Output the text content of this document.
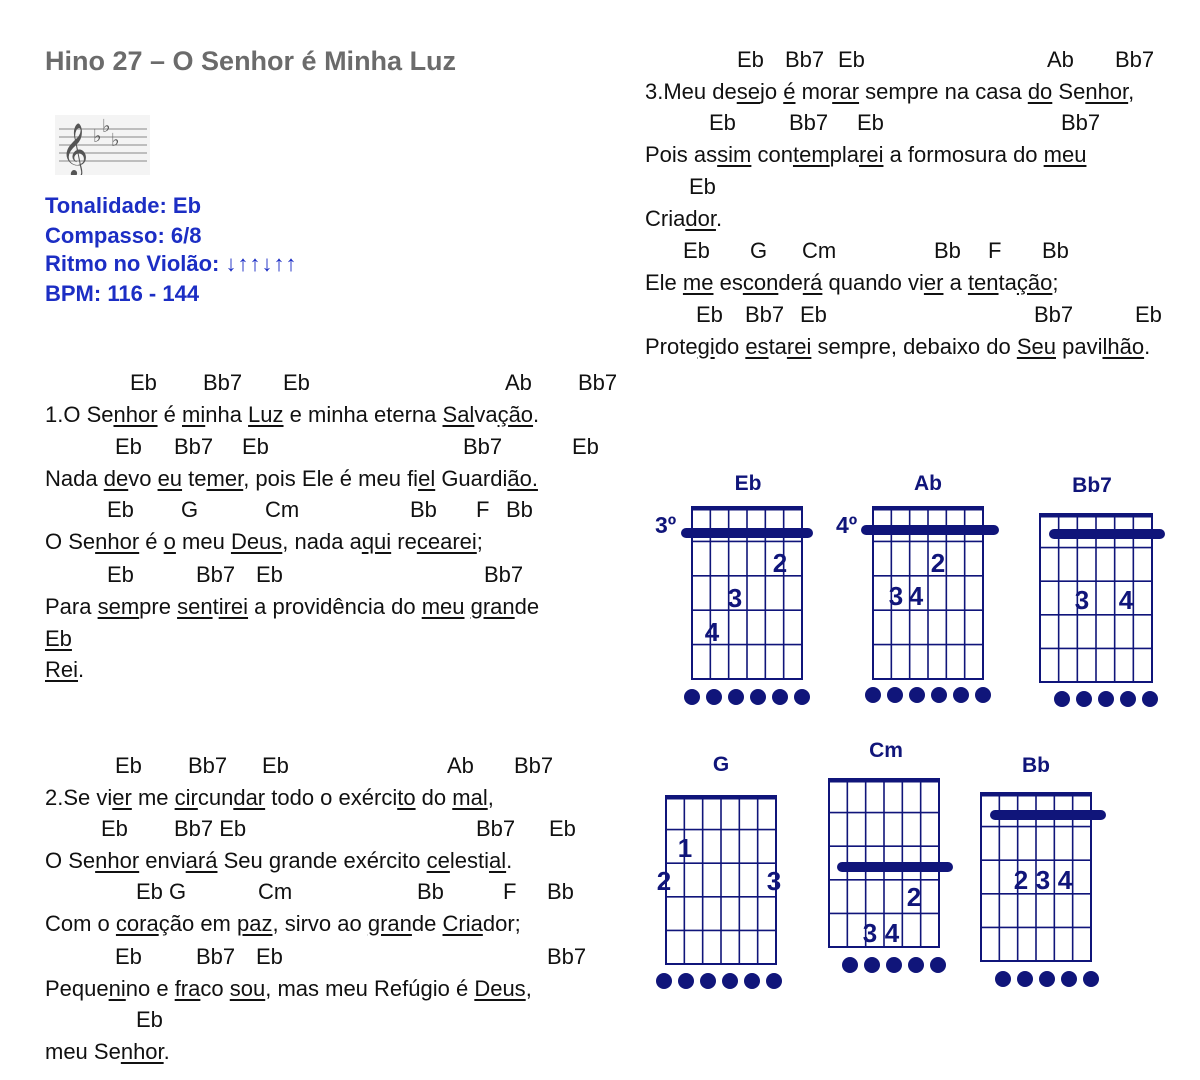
Hino 27 – O Senhor é Minha Luz
𝄞 ♭ ♭
♭
Tonalidade: Eb
Compasso: 6/8
Ritmo no Violão: ↓↑↑↓↑↑
BPM: 116 - 144
Eb Bb7 Eb	Ab Bb7
1.O Senhor é minha Luz e minha eterna Salvação.
Eb Bb7 Eb	Bb7	Eb
Nada devo eu temer, pois Ele é meu fiel Guardião.
Eb G	Cm	Bb F Bb
O Senhor é o meu Deus, nada aqui recearei;
Eb	Bb7 Eb	Bb7
Para sempre sentirei a providência do meu grande
Eb
Rei.
Eb Bb7 Eb	Ab Bb7
2.Se vier me circundar todo o exército do mal,
Eb Bb7 Eb	Bb7 Eb
O Senhor enviará Seu grande exército celestial.
Eb G	Cm	Bb	F Bb
Com o coração em paz, sirvo ao grande Criador;
Eb Bb7 Eb	Bb7
Pequenino e fraco sou, mas meu Refúgio é Deus,
Eb
meu Senhor.
Eb Bb7 Eb	Ab Bb7
3.Meu desejo é morar sempre na casa do Senhor,
Eb Bb7 Eb	Bb7
Pois assim contemplarei a formosura do meu
Eb
Criador.
Eb G Cm	Bb F Bb
Ele me esconderá quando vier a tentação;
Eb Bb7 Eb	Bb7	Eb
Protegido estarei sempre, debaixo do Seu pavilhão.
Eb
3º
2
3
4
Ab
4º
2
3 4
Bb7
3 4
G
1
2	3
Cm
2
3 4
Bb
2 3 4
